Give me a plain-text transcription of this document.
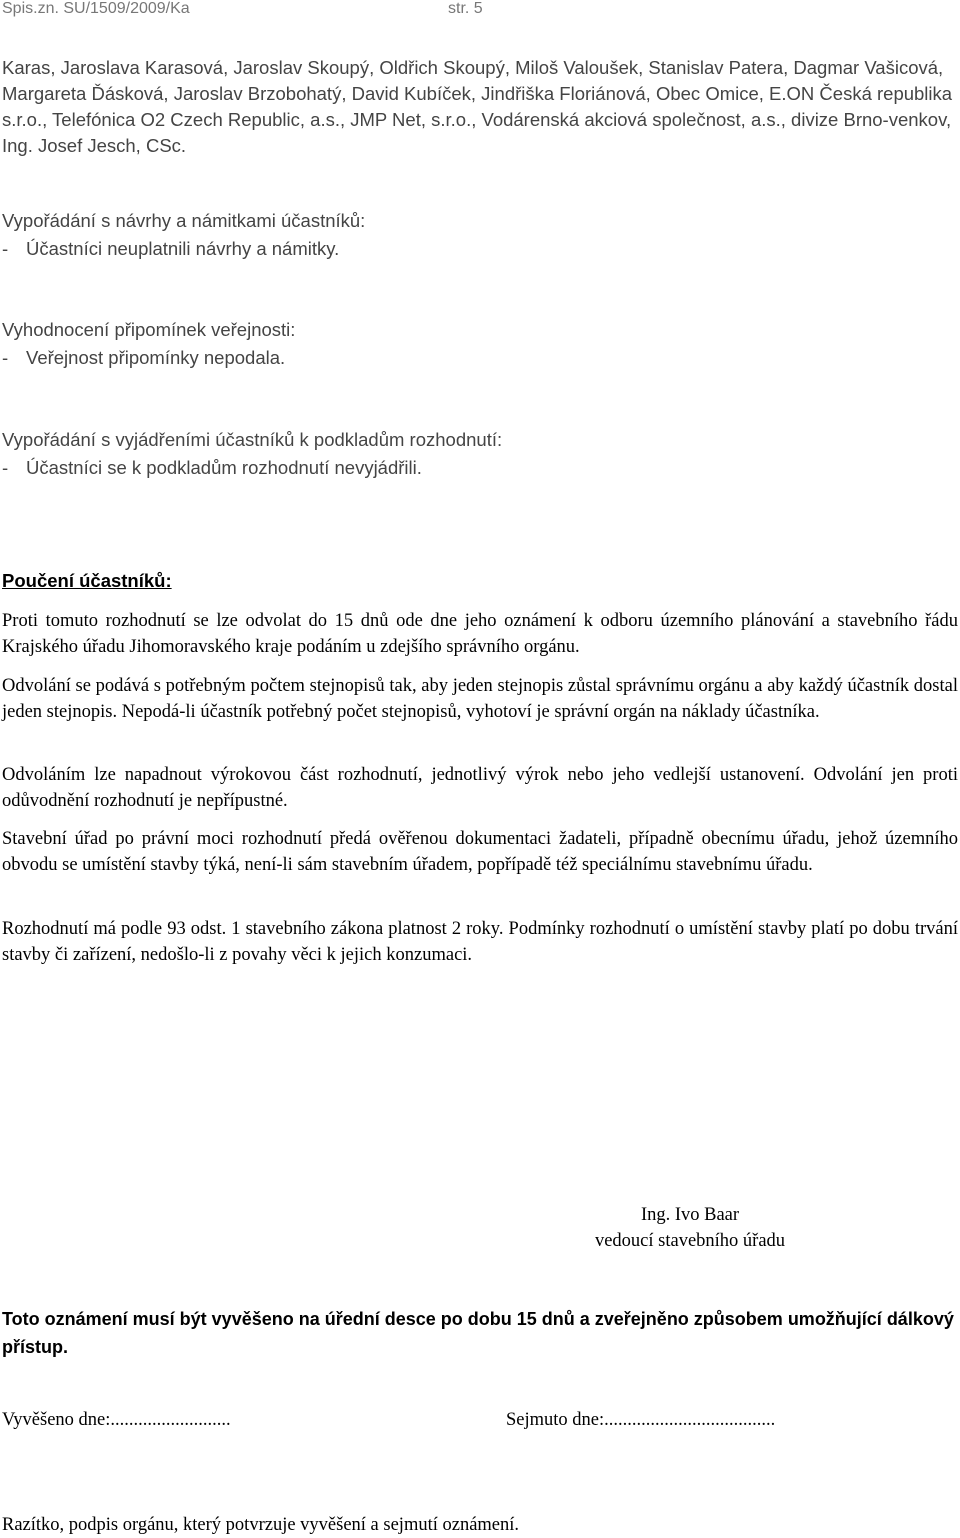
Spis.zn. SU/1509/2009/Ka	str. 5
Karas, Jaroslava Karasová, Jaroslav Skoupý, Oldřich Skoupý, Miloš Valoušek, Stanislav Patera, Dagmar Vašicová, Margareta Ďásková, Jaroslav Brzobohatý, David Kubíček, Jindřiška Floriánová, Obec Omice, E.ON Česká republika s.r.o., Telefónica O2 Czech Republic, a.s., JMP Net, s.r.o., Vodárenská akciová společnost, a.s., divize Brno-venkov, Ing. Josef Jesch, CSc.
Vypořádání s návrhy a námitkami účastníků:
- Účastníci neuplatnili návrhy a námitky.
Vyhodnocení připomínek veřejnosti:
- Veřejnost připomínky nepodala.
Vypořádání s vyjádřeními účastníků k podkladům rozhodnutí:
- Účastníci se k podkladům rozhodnutí nevyjádřili.
Poučení účastníků:

Proti tomuto rozhodnutí se lze odvolat do 15 dnů ode dne jeho oznámení k odboru územního plánování a stavebního řádu Krajského úřadu Jihomoravského kraje podáním u zdejšího správního orgánu.

Odvolání se podává s potřebným počtem stejnopisů tak, aby jeden stejnopis zůstal správnímu orgánu a aby každý účastník dostal jeden stejnopis. Nepodá-li účastník potřebný počet stejnopisů, vyhotoví je správní orgán na náklady účastníka.

Odvoláním lze napadnout výrokovou část rozhodnutí, jednotlivý výrok nebo jeho vedlejší ustanovení. Odvolání jen proti odůvodnění rozhodnutí je nepřípustné.

Stavební úřad po právní moci rozhodnutí předá ověřenou dokumentaci žadateli, případně obecnímu úřadu, jehož územního obvodu se umístění stavby týká, není-li sám stavebním úřadem, popřípadě též speciálnímu stavebnímu úřadu.

Rozhodnutí má podle 93 odst. 1 stavebního zákona platnost 2 roky. Podmínky rozhodnutí o umístění stavby platí po dobu trvání stavby či zařízení, nedošlo-li z povahy věci k jejich konzumaci.

Ing. Ivo Baar
vedoucí stavebního úřadu
Toto oznámení musí být vyvěšeno na úřední desce po dobu 15 dnů a zveřejněno způsobem umožňující dálkový přístup.
Vyvěšeno dne:..........................	Sejmuto dne:.....................................
Razítko, podpis orgánu, který potvrzuje vyvěšení a sejmutí oznámení.
